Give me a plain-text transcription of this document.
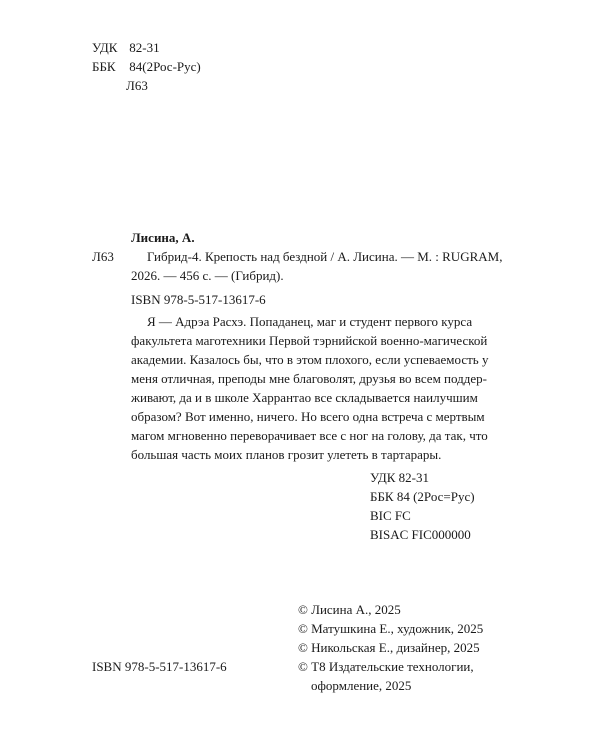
УДК 82-31
ББК 84(2Рос-Рус)
Л63
Лисина, А.
Л63	Гибрид-4. Крепость над бездной / А. Лисина. — М. : RUGRAM,
2026. — 456 с. — (Гибрид).
ISBN 978-5-517-13617-6
Я — Адрэа Расхэ. Попаданец, маг и студент первого курса
факультета маготехники Первой тэрнийской военно-магической
академии. Казалось бы, что в этом плохого, если успеваемость у
меня отличная, преподы мне благоволят, друзья во всем поддер-
живают, да и в школе Харрантао все складывается наилучшим
образом? Вот именно, ничего. Но всего одна встреча с мертвым
магом мгновенно переворачивает все с ног на голову, да так, что
большая часть моих планов грозит улететь в тартарары.
УДК 82-31
ББК 84 (2Рос=Рус)
BIC FC
BISAC FIC000000
© Лисина А., 2025
© Матушкина Е., художник, 2025
© Никольская Е., дизайнер, 2025
© Т8 Издательские технологии,
оформление, 2025
ISBN 978-5-517-13617-6
